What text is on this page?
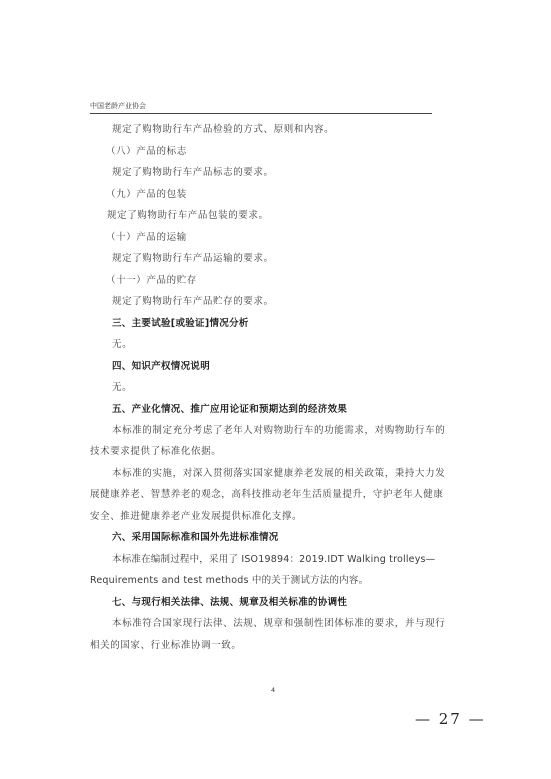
中国老龄产业协会
规定了购物助行车产品检验的方式、原则和内容。
（八）产品的标志
规定了购物助行车产品标志的要求。
（九）产品的包装
规定了购物助行车产品包装的要求。
（十）产品的运输
规定了购物助行车产品运输的要求。
（十一）产品的贮存
规定了购物助行车产品贮存的要求。
三、主要试验[或验证]情况分析
无。
四、知识产权情况说明
无。
五、产业化情况、推广应用论证和预期达到的经济效果
本标准的制定充分考虑了老年人对购物助行车的功能需求，对购物助行车的
技术要求提供了标准化依据。
本标准的实施，对深入贯彻落实国家健康养老发展的相关政策，秉持大力发
展健康养老、智慧养老的观念，高科技推动老年生活质量提升，守护老年人健康
安全、推进健康养老产业发展提供标准化支撑。
六、采用国际标准和国外先进标准情况
本标准在编制过程中，采用了 ISO19894：2019.IDT Walking trolleys—
Requirements and test methods 中的关于测试方法的内容。
七、与现行相关法律、法规、规章及相关标准的协调性
本标准符合国家现行法律、法规、规章和强制性团体标准的要求，并与现行
相关的国家、行业标准协调一致。
4
— 27 —
